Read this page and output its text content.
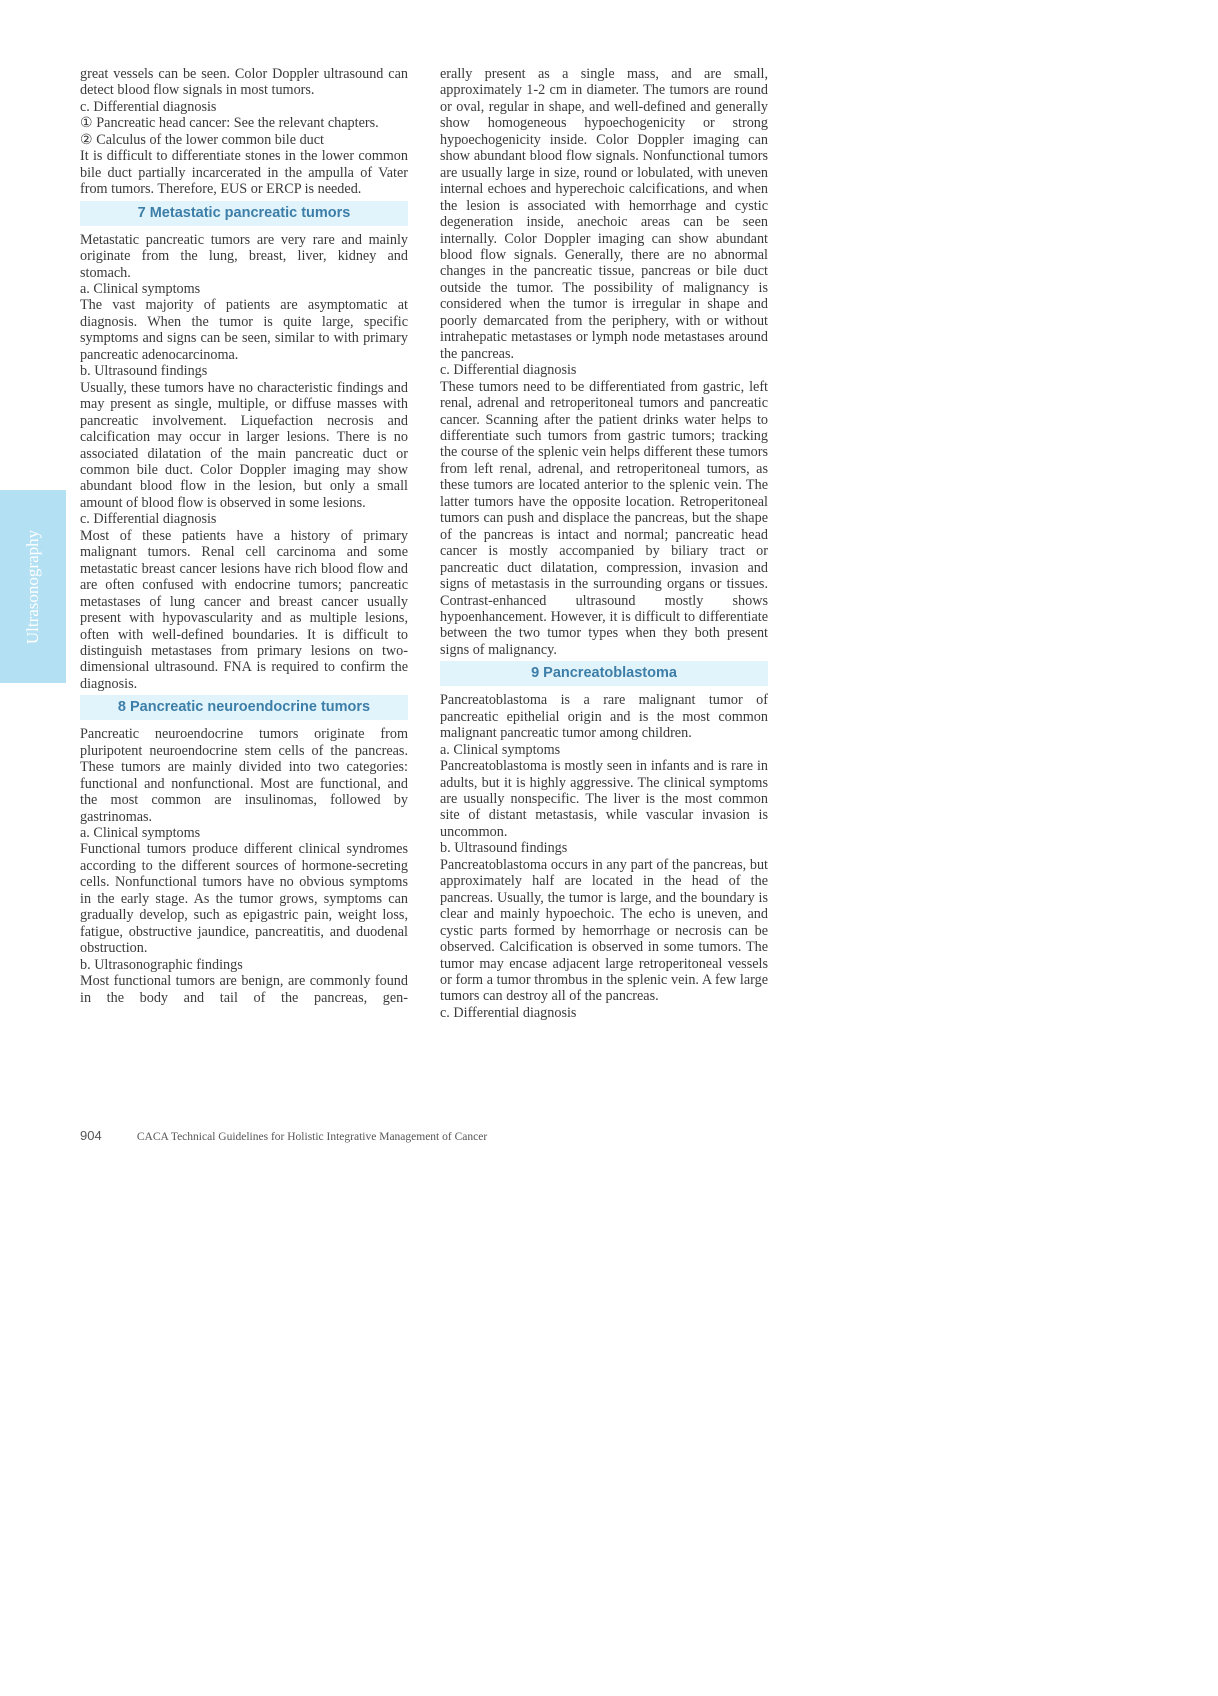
Ultrasonography

great vessels can be seen. Color Doppler ultrasound can detect blood flow signals in most tumors.

c. Differential diagnosis

① Pancreatic head cancer: See the relevant chapters.

② Calculus of the lower common bile duct

It is difficult to differentiate stones in the lower common bile duct partially incarcerated in the ampulla of Vater from tumors. Therefore, EUS or ERCP is needed.

7 Metastatic pancreatic tumors

Metastatic pancreatic tumors are very rare and mainly originate from the lung, breast, liver, kidney and stomach.

a. Clinical symptoms

The vast majority of patients are asymptomatic at diagnosis. When the tumor is quite large, specific symptoms and signs can be seen, similar to with primary pancreatic adenocarcinoma.

b. Ultrasound findings

Usually, these tumors have no characteristic findings and may present as single, multiple, or diffuse masses with pancreatic involvement. Liquefaction necrosis and calcification may occur in larger lesions. There is no associated dilatation of the main pancreatic duct or common bile duct. Color Doppler imaging may show abundant blood flow in the lesion, but only a small amount of blood flow is observed in some lesions.

c. Differential diagnosis

Most of these patients have a history of primary malignant tumors. Renal cell carcinoma and some metastatic breast cancer lesions have rich blood flow and are often confused with endocrine tumors; pancreatic metastases of lung cancer and breast cancer usually present with hypovascularity and as multiple lesions, often with well-defined boundaries. It is difficult to distinguish metastases from primary lesions on two-dimensional ultrasound. FNA is required to confirm the diagnosis.

8 Pancreatic neuroendocrine tumors

Pancreatic neuroendocrine tumors originate from pluripotent neuroendocrine stem cells of the pancreas. These tumors are mainly divided into two categories: functional and nonfunctional. Most are functional, and the most common are insulinomas, followed by gastrinomas.

a. Clinical symptoms

Functional tumors produce different clinical syndromes according to the different sources of hormone-secreting cells. Nonfunctional tumors have no obvious symptoms in the early stage. As the tumor grows, symptoms can gradually develop, such as epigastric pain, weight loss, fatigue, obstructive jaundice, pancreatitis, and duodenal obstruction.

b. Ultrasonographic findings

Most functional tumors are benign, are commonly found in the body and tail of the pancreas, gen-

erally present as a single mass, and are small, approximately 1-2 cm in diameter. The tumors are round or oval, regular in shape, and well-defined and generally show homogeneous hypoechogenicity or strong hypoechogenicity inside. Color Doppler imaging can show abundant blood flow signals. Nonfunctional tumors are usually large in size, round or lobulated, with uneven internal echoes and hyperechoic calcifications, and when the lesion is associated with hemorrhage and cystic degeneration inside, anechoic areas can be seen internally. Color Doppler imaging can show abundant blood flow signals. Generally, there are no abnormal changes in the pancreatic tissue, pancreas or bile duct outside the tumor. The possibility of malignancy is considered when the tumor is irregular in shape and poorly demarcated from the periphery, with or without intrahepatic metastases or lymph node metastases around the pancreas.

c. Differential diagnosis

These tumors need to be differentiated from gastric, left renal, adrenal and retroperitoneal tumors and pancreatic cancer. Scanning after the patient drinks water helps to differentiate such tumors from gastric tumors; tracking the course of the splenic vein helps different these tumors from left renal, adrenal, and retroperitoneal tumors, as these tumors are located anterior to the splenic vein. The latter tumors have the opposite location. Retroperitoneal tumors can push and displace the pancreas, but the shape of the pancreas is intact and normal; pancreatic head cancer is mostly accompanied by biliary tract or pancreatic duct dilatation, compression, invasion and signs of metastasis in the surrounding organs or tissues. Contrast-enhanced ultrasound mostly shows hypoenhancement. However, it is difficult to differentiate between the two tumor types when they both present signs of malignancy.

9 Pancreatoblastoma

Pancreatoblastoma is a rare malignant tumor of pancreatic epithelial origin and is the most common malignant pancreatic tumor among children.

a. Clinical symptoms

Pancreatoblastoma is mostly seen in infants and is rare in adults, but it is highly aggressive. The clinical symptoms are usually nonspecific. The liver is the most common site of distant metastasis, while vascular invasion is uncommon.

b. Ultrasound findings

Pancreatoblastoma occurs in any part of the pancreas, but approximately half are located in the head of the pancreas. Usually, the tumor is large, and the boundary is clear and mainly hypoechoic. The echo is uneven, and cystic parts formed by hemorrhage or necrosis can be observed. Calcification is observed in some tumors. The tumor may encase adjacent large retroperitoneal vessels or form a tumor thrombus in the splenic vein. A few large tumors can destroy all of the pancreas.

c. Differential diagnosis

904	CACA Technical Guidelines for Holistic Integrative Management of Cancer
